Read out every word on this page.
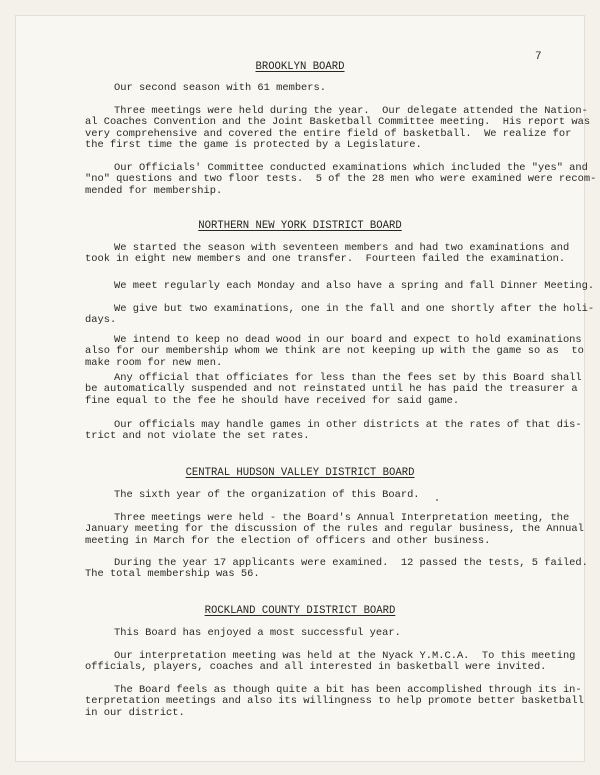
7
BROOKLYN BOARD
Our second season with 61 members.
Three meetings were held during the year.  Our delegate attended the Nation-
al Coaches Convention and the Joint Basketball Committee meeting.  His report was
very comprehensive and covered the entire field of basketball.  We realize for
the first time the game is protected by a Legislature.
Our Officials' Committee conducted examinations which included the "yes" and
"no" questions and two floor tests.  5 of the 28 men who were examined were recom-
mended for membership.
NORTHERN NEW YORK DISTRICT BOARD
We started the season with seventeen members and had two examinations and
took in eight new members and one transfer.  Fourteen failed the examination.
We meet regularly each Monday and also have a spring and fall Dinner Meeting.
We give but two examinations, one in the fall and one shortly after the holi-
days.
We intend to keep no dead wood in our board and expect to hold examinations
also for our membership whom we think are not keeping up with the game so as  to
make room for new men.
Any official that officiates for less than the fees set by this Board shall
be automatically suspended and not reinstated until he has paid the treasurer a
fine equal to the fee he should have received for said game.
Our officials may handle games in other districts at the rates of that dis-
trict and not violate the set rates.
CENTRAL HUDSON VALLEY DISTRICT BOARD
The sixth year of the organization of this Board.
Three meetings were held - the Board's Annual Interpretation meeting, the
January meeting for the discussion of the rules and regular business, the Annual
meeting in March for the election of officers and other business.
During the year 17 applicants were examined.  12 passed the tests, 5 failed.
The total membership was 56.
ROCKLAND COUNTY DISTRICT BOARD
This Board has enjoyed a most successful year.
Our interpretation meeting was held at the Nyack Y.M.C.A.  To this meeting
officials, players, coaches and all interested in basketball were invited.
The Board feels as though quite a bit has been accomplished through its in-
terpretation meetings and also its willingness to help promote better basketball
in our district.
